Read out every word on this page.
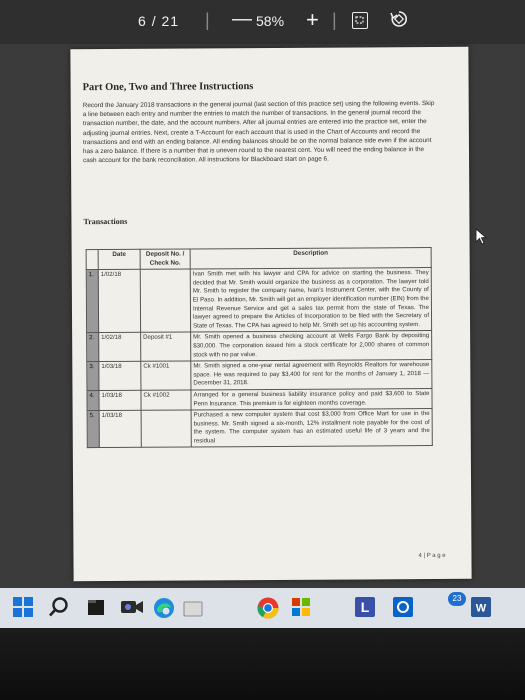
6 / 21 | — 58% + |
Part One, Two and Three Instructions
Record the January 2018 transactions in the general journal (last section of this practice set) using the following events. Skip a line between each entry and number the entries to match the number of transactions. In the general journal record the transaction number, the date, and the account numbers. After all journal entries are entered into the practice set, enter the adjusting journal entries. Next, create a T-Account for each account that is used in the Chart of Accounts and record the transactions and end with an ending balance. All ending balances should be on the normal balance side even if the account has a zero balance. If there is a number that is uneven round to the nearest cent. You will need the ending balance in the cash account for the bank reconciliation. All instructions for Blackboard start on page 6.
Transactions
	Date	Deposit No. / Check No.	Description
1.	1/02/18		Ivan Smith met with his lawyer and CPA for advice on starting the business. They decided that Mr. Smith would organize the business as a corporation. The lawyer told Mr. Smith to register the company name, Ivan's Instrument Center, with the County of El Paso. In addition, Mr. Smith will get an employer identification number (EIN) from the Internal Revenue Service and get a sales tax permit from the state of Texas. The lawyer agreed to prepare the Articles of Incorporation to be filed with the Secretary of State of Texas. The CPA has agreed to help Mr. Smith set up his accounting system.
2.	1/02/18	Deposit #1	Mr. Smith opened a business checking account at Wells Fargo Bank by depositing $30,000. The corporation issued him a stock certificate for 2,000 shares of common stock with no par value.
3.	1/03/18	Ck #1001	Mr. Smith signed a one-year rental agreement with Reynolds Realtors for warehouse space. He was required to pay $3,400 for rent for the months of January 1, 2018 — December 31, 2018.
4.	1/03/18	Ck #1002	Arranged for a general business liability insurance policy and paid $3,600 to State Penn Insurance. This premium is for eighteen months coverage.
5.	1/03/18		Purchased a new computer system that cost $3,000 from Office Mart for use in the business. Mr. Smith signed a six-month, 12% installment note payable for the cost of the system. The computer system has an estimated useful life of 3 years and the residual
4 | P a g e
L	W
23
